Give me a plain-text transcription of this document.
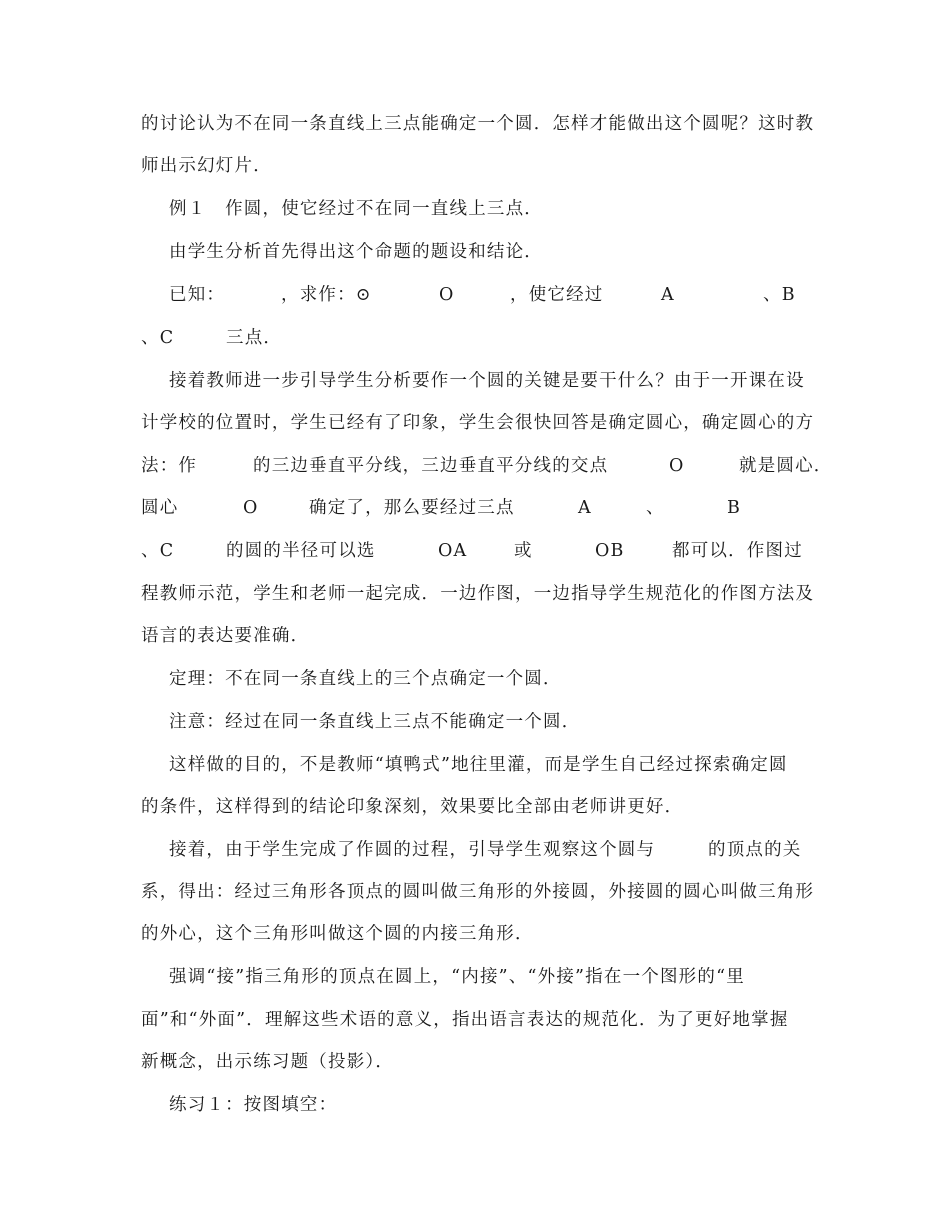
的讨论认为不在同一条直线上三点能确定一个圆．怎样才能做出这个圆呢？这时教
师出示幻灯片．
例１　作圆，使它经过不在同一直线上三点．
由学生分析首先得出这个命题的题设和结论．
已知：	，求作：⊙	O	，使它经过	A	、B
、C	三点．
接着教师进一步引导学生分析要作一个圆的关键是要干什么？由于一开课在设
计学校的位置时，学生已经有了印象，学生会很快回答是确定圆心，确定圆心的方
法：作	的三边垂直平分线，三边垂直平分线的交点	O	就是圆心．
圆心	O	确定了，那么要经过三点	A	、	B
、C	的圆的半径可以选	OA	或	OB	都可以．作图过
程教师示范，学生和老师一起完成．一边作图，一边指导学生规范化的作图方法及
语言的表达要准确．
定理：不在同一条直线上的三个点确定一个圆．
注意：经过在同一条直线上三点不能确定一个圆．
这样做的目的，不是教师“填鸭式”地往里灌，而是学生自己经过探索确定圆
的条件，这样得到的结论印象深刻，效果要比全部由老师讲更好．
接着，由于学生完成了作圆的过程，引导学生观察这个圆与	的顶点的关
系，得出：经过三角形各顶点的圆叫做三角形的外接圆，外接圆的圆心叫做三角形
的外心，这个三角形叫做这个圆的内接三角形．
强调“接”指三角形的顶点在圆上，“内接”、“外接”指在一个图形的“里
面”和“外面”．理解这些术语的意义，指出语言表达的规范化．为了更好地掌握
新概念，出示练习题（投影）．
练习１：按图填空：
